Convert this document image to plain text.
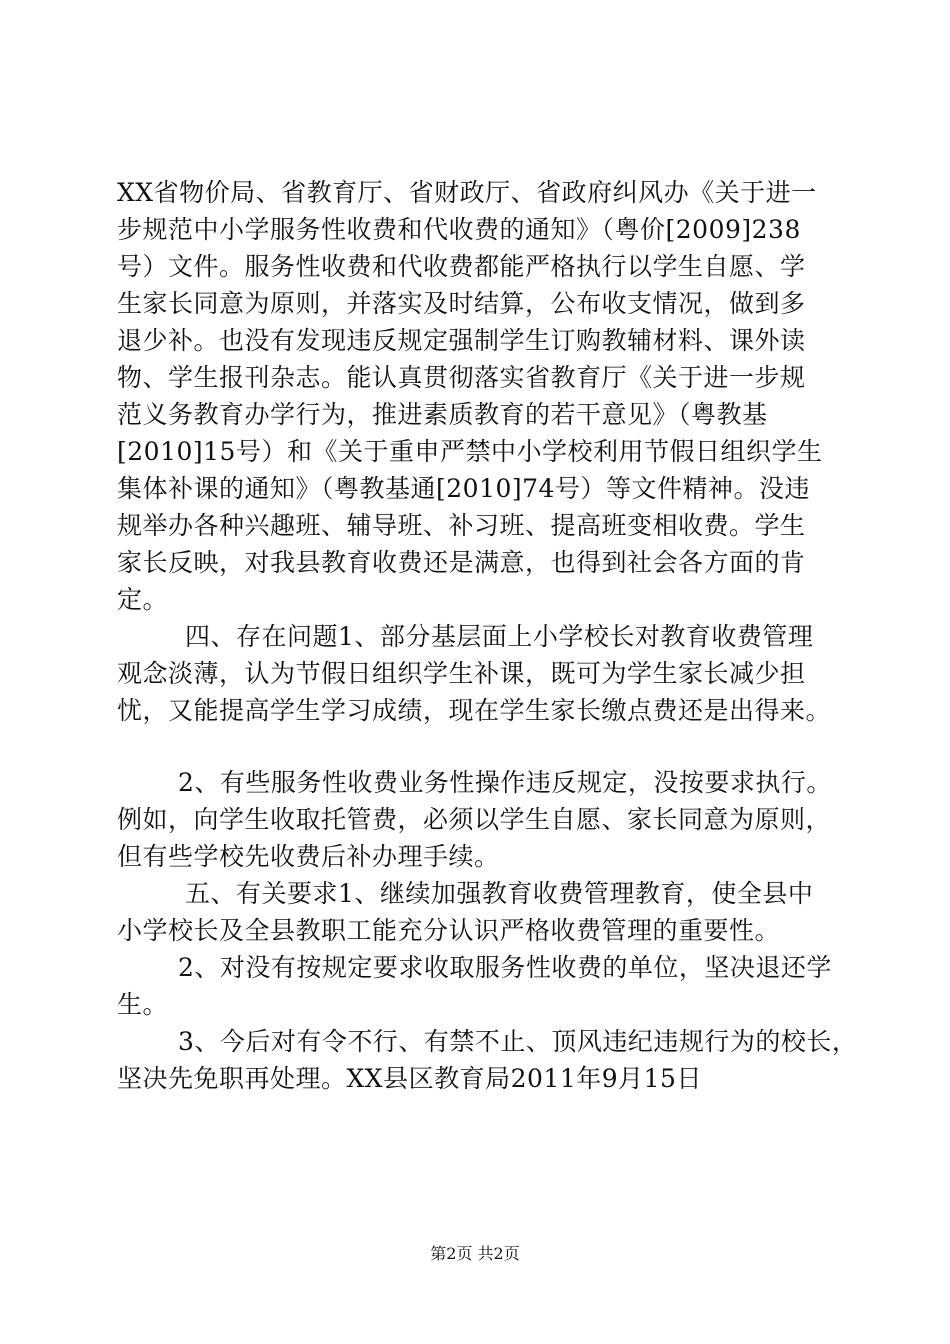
XX省物价局、省教育厅、省财政厅、省政府纠风办《关于进一
步规范中小学服务性收费和代收费的通知》（粤价[2009]238
号）文件。服务性收费和代收费都能严格执行以学生自愿、学
生家长同意为原则，并落实及时结算，公布收支情况，做到多
退少补。也没有发现违反规定强制学生订购教辅材料、课外读
物、学生报刊杂志。能认真贯彻落实省教育厅《关于进一步规
范义务教育办学行为，推进素质教育的若干意见》（粤教基
[2010]15号）和《关于重申严禁中小学校利用节假日组织学生
集体补课的通知》（粤教基通[2010]74号）等文件精神。没违
规举办各种兴趣班、辅导班、补习班、提高班变相收费。学生
家长反映，对我县教育收费还是满意，也得到社会各方面的肯
定。
四、存在问题1、部分基层面上小学校长对教育收费管理
观念淡薄，认为节假日组织学生补课，既可为学生家长减少担
忧，又能提高学生学习成绩，现在学生家长缴点费还是出得来。
2、有些服务性收费业务性操作违反规定，没按要求执行。
例如，向学生收取托管费，必须以学生自愿、家长同意为原则，
但有些学校先收费后补办理手续。
五、有关要求1、继续加强教育收费管理教育，使全县中
小学校长及全县教职工能充分认识严格收费管理的重要性。
2、对没有按规定要求收取服务性收费的单位，坚决退还学
生。
3、今后对有令不行、有禁不止、顶风违纪违规行为的校长，
坚决先免职再处理。XX县区教育局2011年9月15日
第2页 共2页
